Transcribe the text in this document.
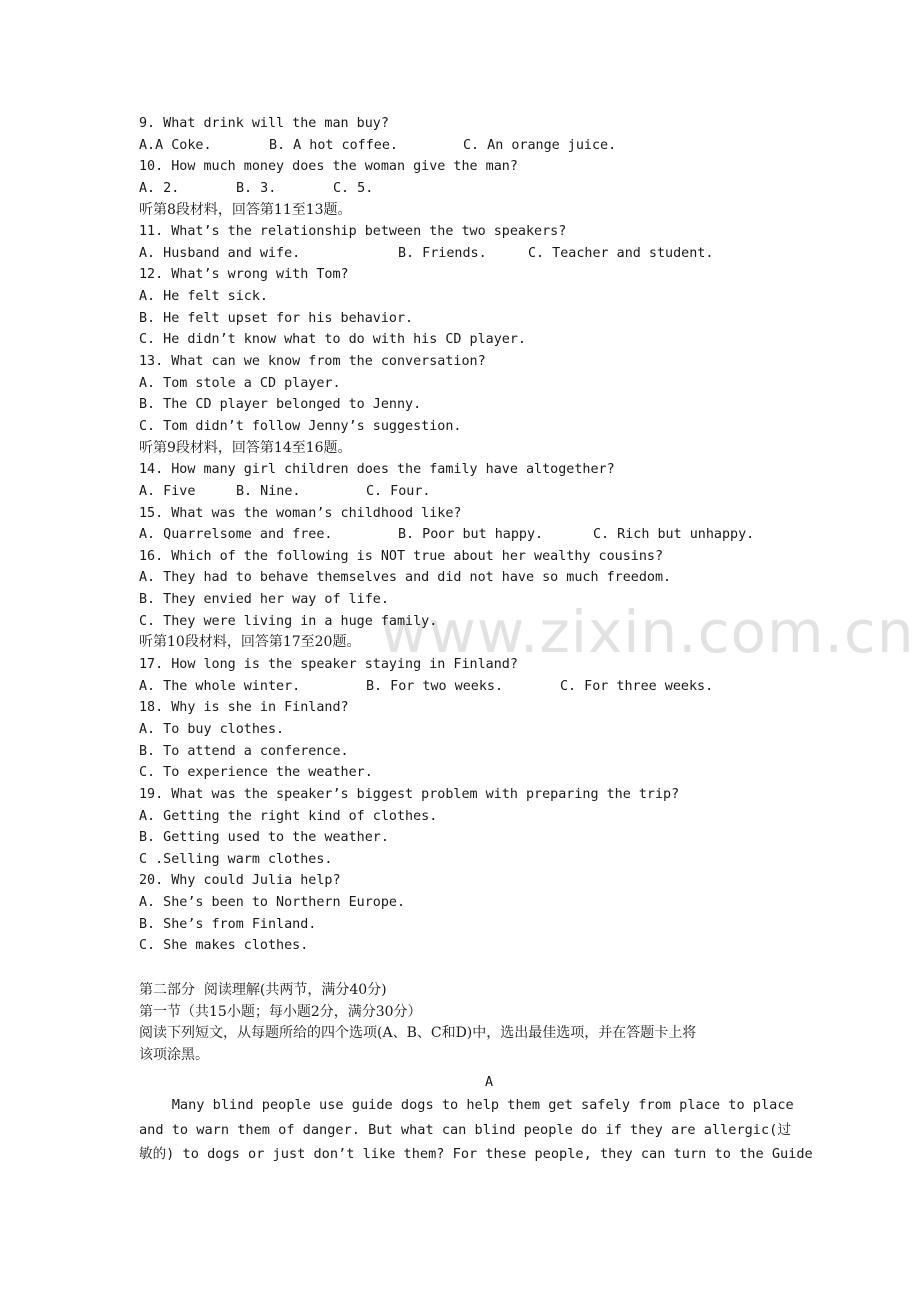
www.zixin.com.cn
9. What drink will the man buy?
A.A Coke.	B. A hot coffee.	C. An orange juice.
10. How much money does the woman give the man?
A. 2.	B. 3.	C. 5.
听第8段材料，回答第11至13题。
11. What’s the relationship between the two speakers?
A. Husband and wife.	B. Friends.	C. Teacher and student.
12. What’s wrong with Tom?
A. He felt sick.
B. He felt upset for his behavior.
C. He didn’t know what to do with his CD player.
13. What can we know from the conversation?
A. Tom stole a CD player.
B. The CD player belonged to Jenny.
C. Tom didn’t follow Jenny’s suggestion.
听第9段材料，回答第14至16题。
14. How many girl children does the family have altogether?
A. Five	B. Nine.	C. Four.
15. What was the woman’s childhood like?
A. Quarrelsome and free.	B. Poor but happy.	C. Rich but unhappy.
16. Which of the following is NOT true about her wealthy cousins?
A. They had to behave themselves and did not have so much freedom.
B. They envied her way of life.
C. They were living in a huge family.
听第10段材料，回答第17至20题。
17. How long is the speaker staying in Finland?
A. The whole winter.	B. For two weeks.	C. For three weeks.
18. Why is she in Finland?
A. To buy clothes.
B. To attend a conference.
C. To experience the weather.
19. What was the speaker’s biggest problem with preparing the trip?
A. Getting the right kind of clothes.
B. Getting used to the weather.
C .Selling warm clothes.
20. Why could Julia help?
A. She’s been to Northern Europe.
B. She’s from Finland.
C. She makes clothes.
第二部分  阅读理解(共两节，满分40分)
第一节（共15小题；每小题2分，满分30分）
阅读下列短文，从每题所给的四个选项(A、B、C和D)中，选出最佳选项，并在答题卡上将
该项涂黑。
A
Many blind people use guide dogs to help them get safely from place to place
and to warn them of danger. But what can blind people do if they are allergic(过
敏的) to dogs or just don’t like them? For these people, they can turn to the Guide
